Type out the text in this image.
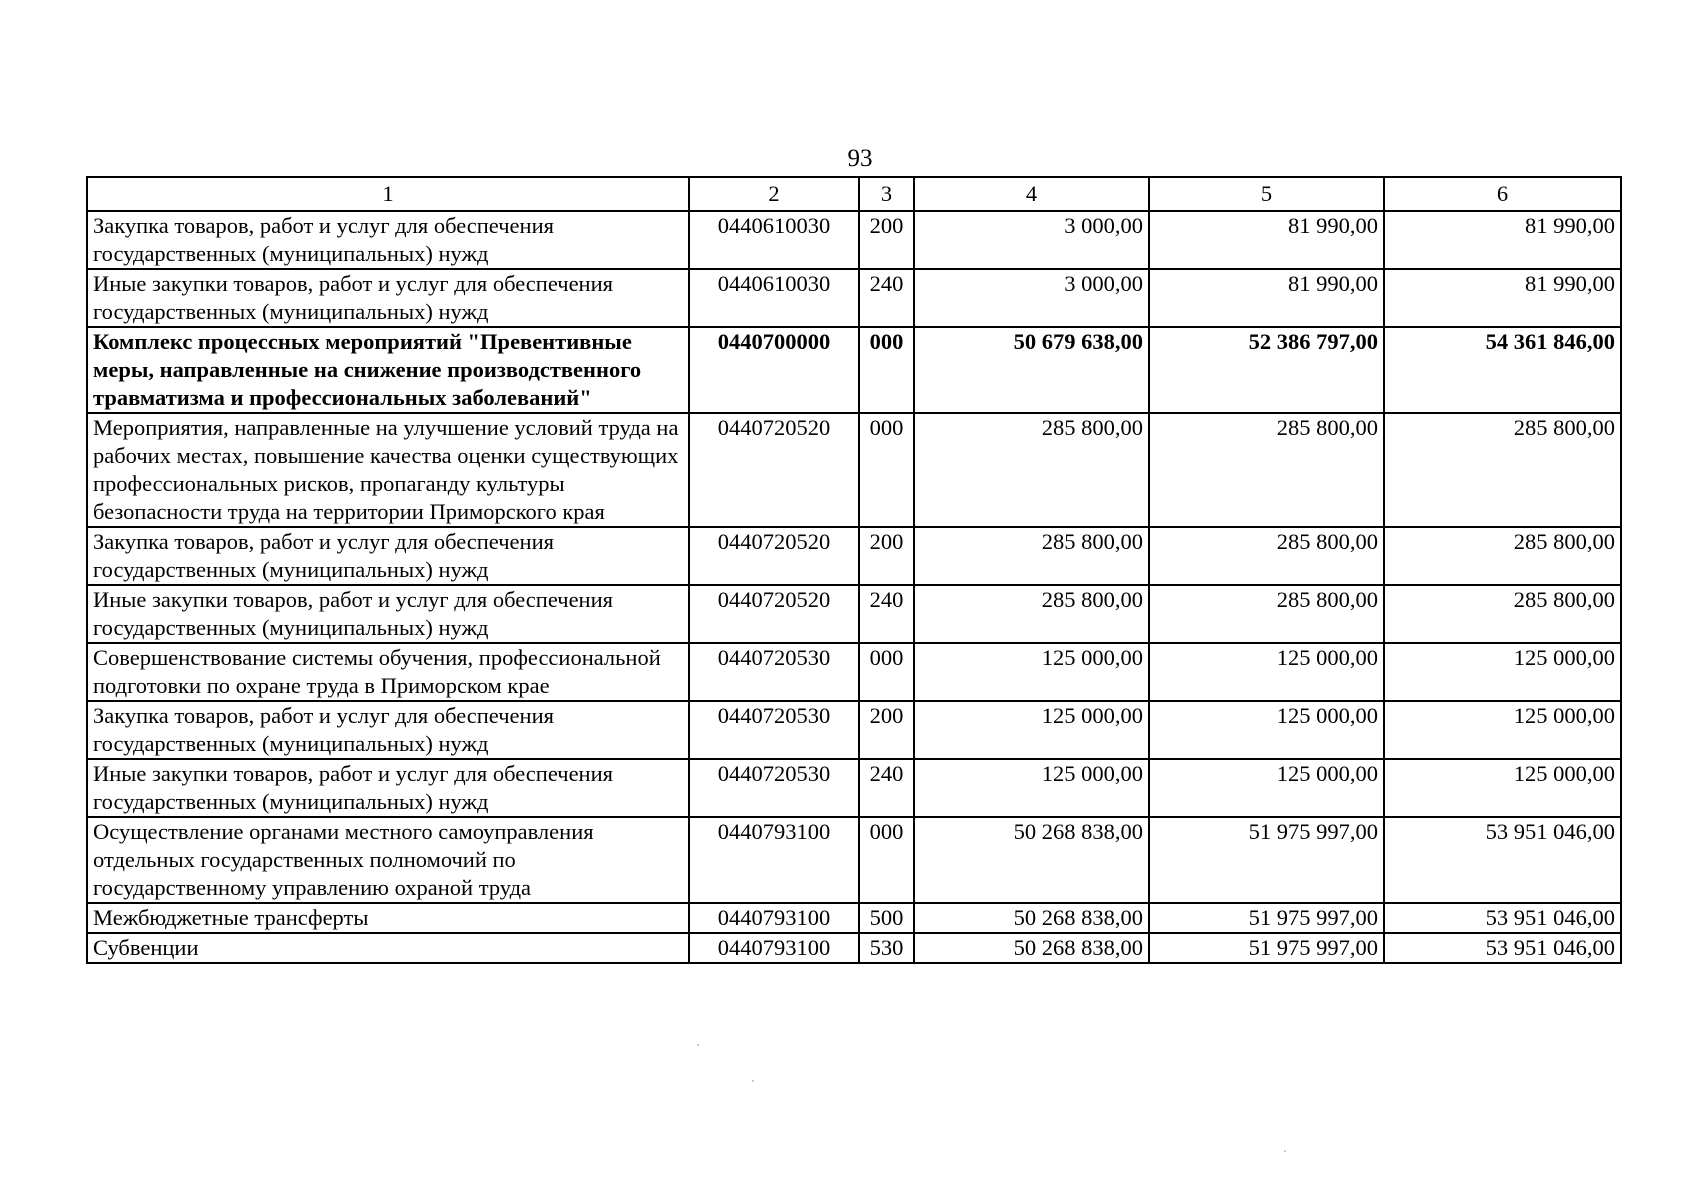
93
1	2	3	4	5	6
Закупка товаров, работ и услуг для обеспечения государственных (муниципальных) нужд	0440610030	200	3 000,00	81 990,00	81 990,00
Иные закупки товаров, работ и услуг для обеспечения государственных (муниципальных) нужд	0440610030	240	3 000,00	81 990,00	81 990,00
Комплекс процессных мероприятий "Превентивные меры, направленные на снижение производственного травматизма и профессиональных заболеваний"	0440700000	000	50 679 638,00	52 386 797,00	54 361 846,00
Мероприятия, направленные на улучшение условий труда на рабочих местах, повышение качества оценки существующих профессиональных рисков, пропаганду культуры безопасности труда на территории Приморского края	0440720520	000	285 800,00	285 800,00	285 800,00
Закупка товаров, работ и услуг для обеспечения государственных (муниципальных) нужд	0440720520	200	285 800,00	285 800,00	285 800,00
Иные закупки товаров, работ и услуг для обеспечения государственных (муниципальных) нужд	0440720520	240	285 800,00	285 800,00	285 800,00
Совершенствование системы обучения, профессиональной подготовки по охране труда в Приморском крае	0440720530	000	125 000,00	125 000,00	125 000,00
Закупка товаров, работ и услуг для обеспечения государственных (муниципальных) нужд	0440720530	200	125 000,00	125 000,00	125 000,00
Иные закупки товаров, работ и услуг для обеспечения государственных (муниципальных) нужд	0440720530	240	125 000,00	125 000,00	125 000,00
Осуществление органами местного самоуправления отдельных государственных полномочий по государственному управлению охраной труда	0440793100	000	50 268 838,00	51 975 997,00	53 951 046,00
Межбюджетные трансферты	0440793100	500	50 268 838,00	51 975 997,00	53 951 046,00
Субвенции	0440793100	530	50 268 838,00	51 975 997,00	53 951 046,00
